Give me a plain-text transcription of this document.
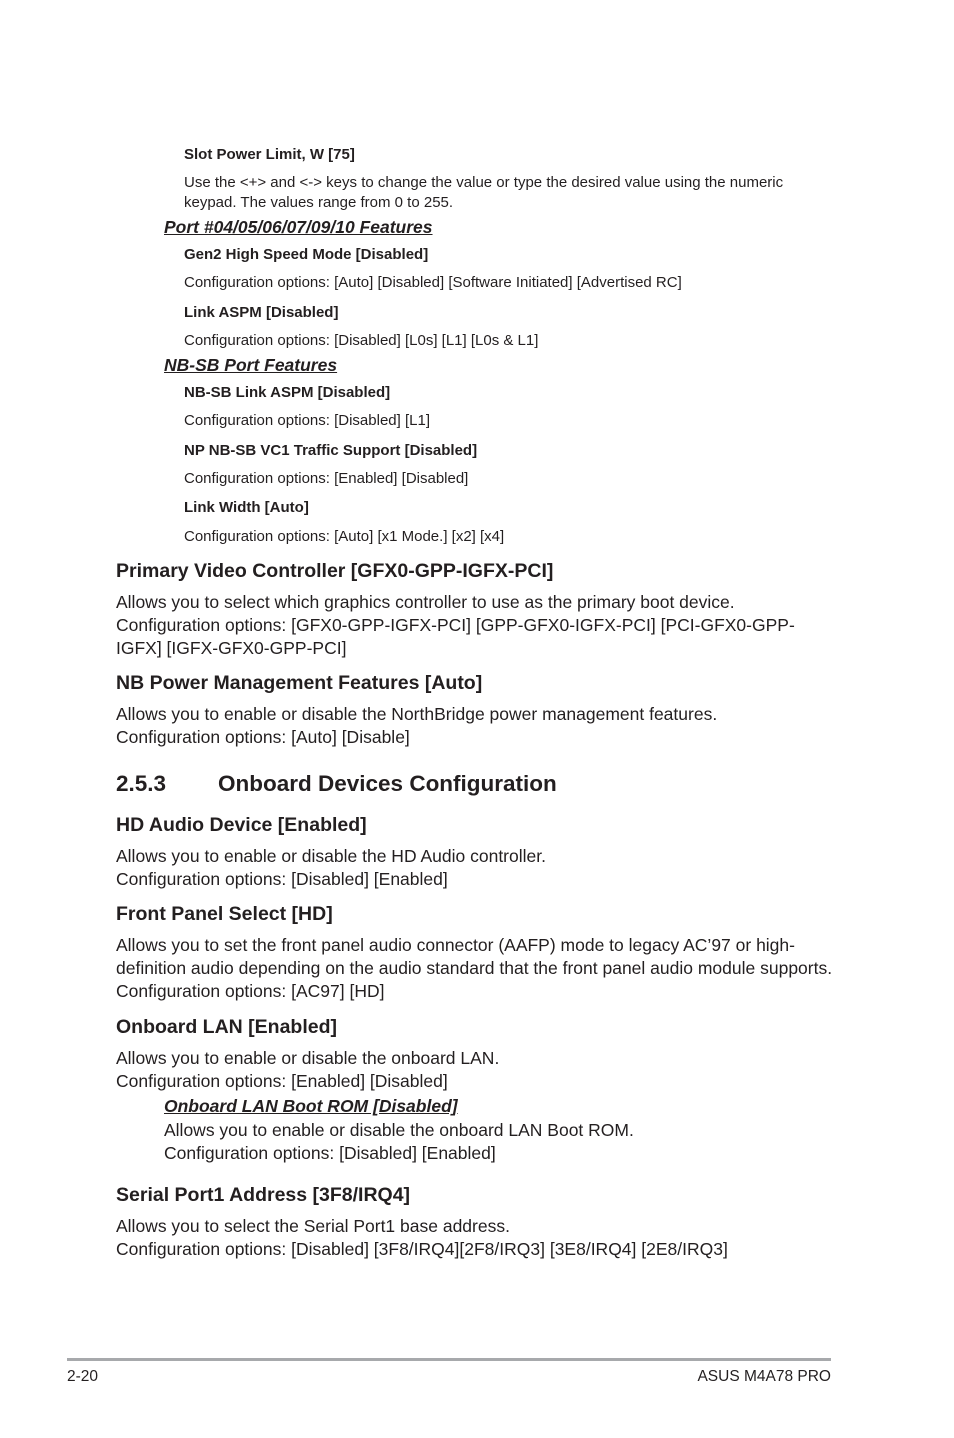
Slot Power Limit, W [75]
Use the <+> and <-> keys to change the value or type the desired value using the numeric
keypad. The values range from 0 to 255.
Port #04/05/06/07/09/10 Features
Gen2 High Speed Mode [Disabled]
Configuration options: [Auto] [Disabled] [Software Initiated] [Advertised RC]
Link ASPM [Disabled]
Configuration options: [Disabled] [L0s] [L1] [L0s & L1]
NB-SB Port Features
NB-SB Link ASPM [Disabled]
Configuration options: [Disabled] [L1]
NP NB-SB VC1 Traffic Support [Disabled]
Configuration options: [Enabled] [Disabled]
Link Width [Auto]
Configuration options: [Auto] [x1 Mode.] [x2] [x4]
Primary Video Controller [GFX0-GPP-IGFX-PCI]
Allows you to select which graphics controller to use as the primary boot device.
Configuration options: [GFX0-GPP-IGFX-PCI] [GPP-GFX0-IGFX-PCI] [PCI-GFX0-GPP-
IGFX] [IGFX-GFX0-GPP-PCI]
NB Power Management Features [Auto]
Allows you to enable or disable the NorthBridge power management features.
Configuration options: [Auto] [Disable]
2.5.3 Onboard Devices Configuration
HD Audio Device [Enabled]
Allows you to enable or disable the HD Audio controller.
Configuration options: [Disabled] [Enabled]
Front Panel Select [HD]
Allows you to set the front panel audio connector (AAFP) mode to legacy AC’97 or high-
definition audio depending on the audio standard that the front panel audio module supports.
Configuration options: [AC97] [HD]
Onboard LAN [Enabled]
Allows you to enable or disable the onboard LAN.
Configuration options: [Enabled] [Disabled]
Onboard LAN Boot ROM [Disabled]
Allows you to enable or disable the onboard LAN Boot ROM.
Configuration options: [Disabled] [Enabled]
Serial Port1 Address [3F8/IRQ4]
Allows you to select the Serial Port1 base address.
Configuration options: [Disabled] [3F8/IRQ4][2F8/IRQ3] [3E8/IRQ4] [2E8/IRQ3]
2-20	ASUS M4A78 PRO
